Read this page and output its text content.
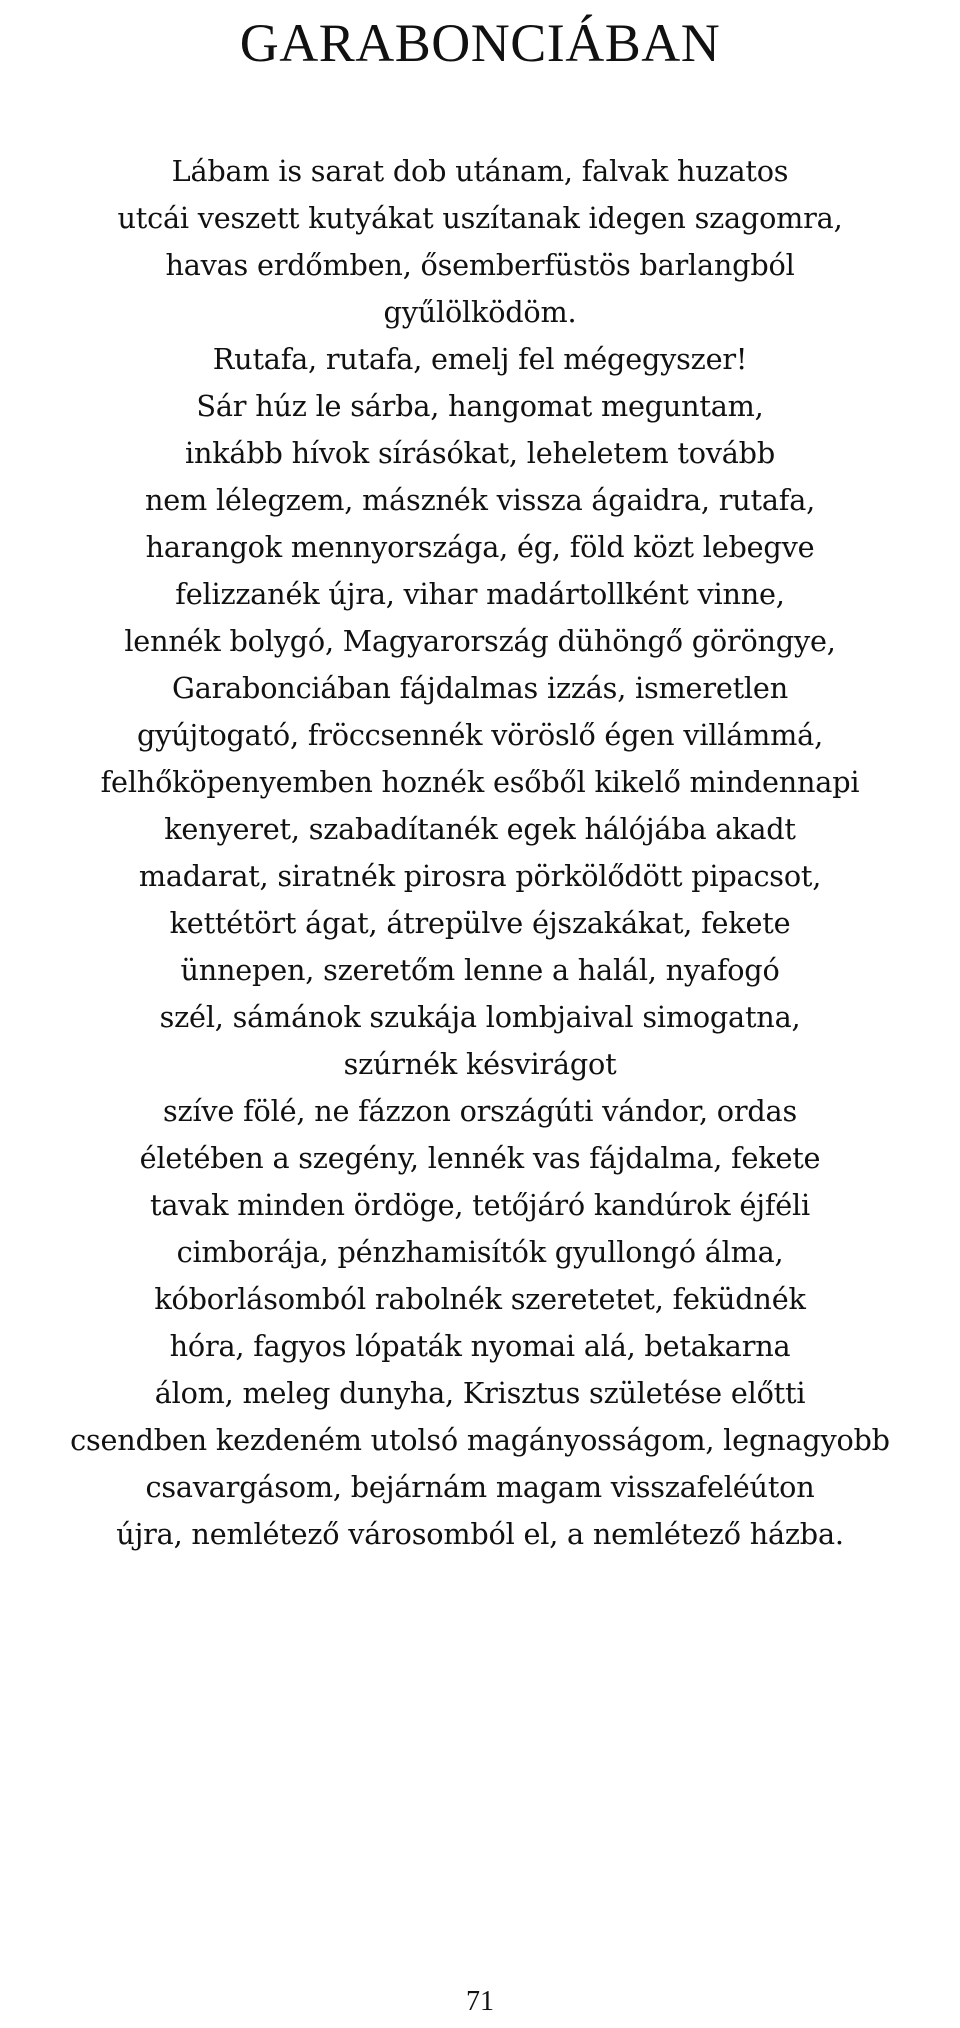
GARABONCIÁBAN
Lábam is sarat dob utánam, falvak huzatos
utcái veszett kutyákat uszítanak idegen szagomra,
havas erdőmben, ősemberfüstös barlangból
gyűlölködöm.
Rutafa, rutafa, emelj fel mégegyszer!
Sár húz le sárba, hangomat meguntam,
inkább hívok sírásókat, leheletem tovább
nem lélegzem, másznék vissza ágaidra, rutafa,
harangok mennyországa, ég, föld közt lebegve
felizzanék újra, vihar madártollként vinne,
lennék bolygó, Magyarország dühöngő göröngye,
Garabonciában fájdalmas izzás, ismeretlen
gyújtogató, fröccsennék vöröslő égen villámmá,
felhőköpenyemben hoznék esőből kikelő mindennapi
kenyeret, szabadítanék egek hálójába akadt
madarat, siratnék pirosra pörkölődött pipacsot,
kettétört ágat, átrepülve éjszakákat, fekete
ünnepen, szeretőm lenne a halál, nyafogó
szél, sámánok szukája lombjaival simogatna,
szúrnék késvirágot
szíve fölé, ne fázzon országúti vándor, ordas
életében a szegény, lennék vas fájdalma, fekete
tavak minden ördöge, tetőjáró kandúrok éjféli
cimborája, pénzhamisítók gyullongó álma,
kóborlásomból rabolnék szeretetet, feküdnék
hóra, fagyos lópaták nyomai alá, betakarna
álom, meleg dunyha, Krisztus születése előtti
csendben kezdeném utolsó magányosságom, legnagyobb
csavargásom, bejárnám magam visszafeléúton
újra, nemlétező városomból el, a nemlétező házba.
71
